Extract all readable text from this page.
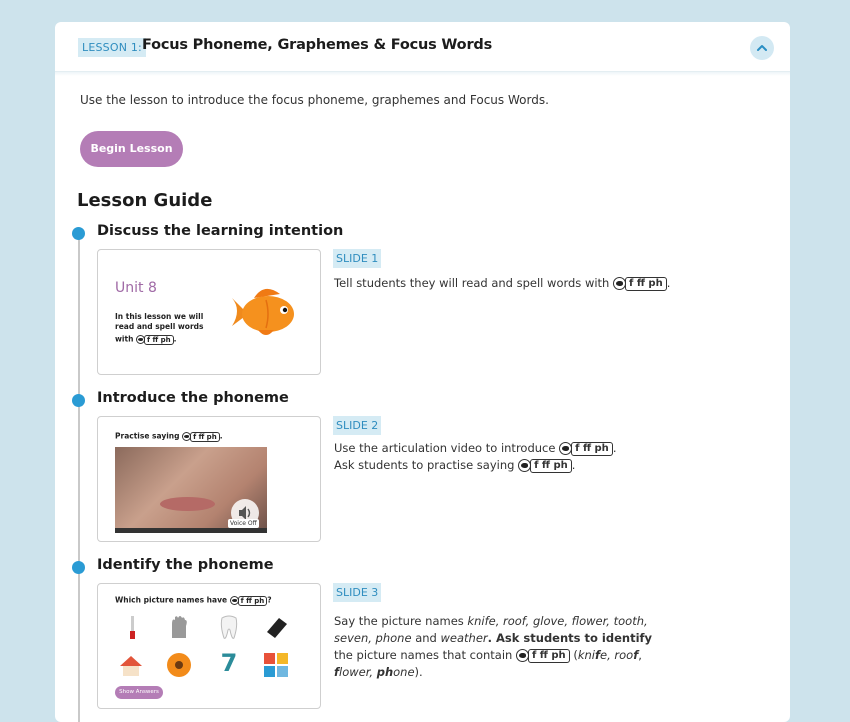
LESSON 1: Focus Phoneme, Graphemes & Focus Words

Use the lesson to introduce the focus phoneme, graphemes and Focus Words.

Begin Lesson
Lesson Guide
Discuss the learning intention
Unit 8
In this lesson we will
read and spell words
with	f ff ph .
SLIDE 1
Tell students they will read and spell words with	f ff ph .
Introduce the phoneme
Practise saying	f ff ph .
Voice Off
SLIDE 2
Use the articulation video to introduce	f ff ph .
Ask students to practise saying	f ff ph .
Identify the phoneme
Which picture names have	f ff ph ?
7
Show Answers
SLIDE 3
Say the picture names knife, roof, glove, flower, tooth,
seven, phone and weather. Ask students to identify
the picture names that contain	f ff ph (knife, roof,
flower, phone).
